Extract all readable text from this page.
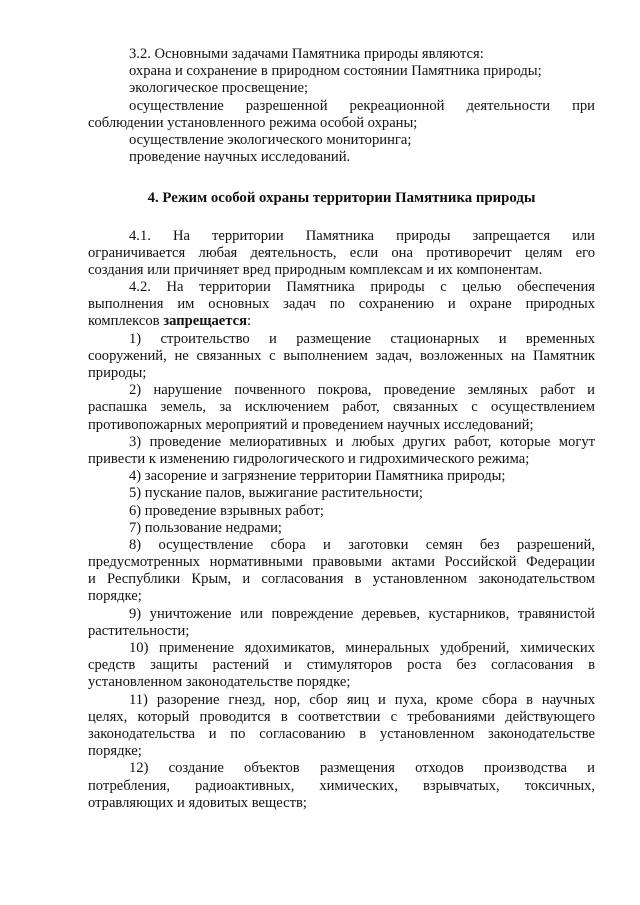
3.2. Основными задачами Памятника природы являются:
охрана и сохранение в природном состоянии Памятника природы;
экологическое просвещение;
осуществление разрешенной рекреационной деятельности при
соблюдении установленного режима особой охраны;
осуществление экологического мониторинга;
проведение научных исследований.
4. Режим особой охраны территории Памятника природы
4.1. На территории Памятника природы запрещается или
ограничивается любая деятельность, если она противоречит целям его
создания или причиняет вред природным комплексам и их компонентам.
4.2. На территории Памятника природы с целью обеспечения
выполнения им основных задач по сохранению и охране природных
комплексов запрещается:
1) строительство и размещение стационарных и временных
сооружений, не связанных с выполнением задач, возложенных на Памятник
природы;
2) нарушение почвенного покрова, проведение земляных работ и
распашка земель, за исключением работ, связанных с осуществлением
противопожарных мероприятий и проведением научных исследований;
3) проведение мелиоративных и любых других работ, которые могут
привести к изменению гидрологического и гидрохимического режима;
4) засорение и загрязнение территории Памятника природы;
5) пускание палов, выжигание растительности;
6) проведение взрывных работ;
7) пользование недрами;
8) осуществление сбора и заготовки семян без разрешений,
предусмотренных нормативными правовыми актами Российской Федерации
и Республики Крым, и согласования в установленном законодательством
порядке;
9) уничтожение или повреждение деревьев, кустарников, травянистой
растительности;
10) применение ядохимикатов, минеральных удобрений, химических
средств защиты растений и стимуляторов роста без согласования в
установленном законодательстве порядке;
11) разорение гнезд, нор, сбор яиц и пуха, кроме сбора в научных
целях, который проводится в соответствии с требованиями действующего
законодательства и по согласованию в установленном законодательстве
порядке;
12) создание объектов размещения отходов производства и
потребления, радиоактивных, химических, взрывчатых, токсичных,
отравляющих и ядовитых веществ;
